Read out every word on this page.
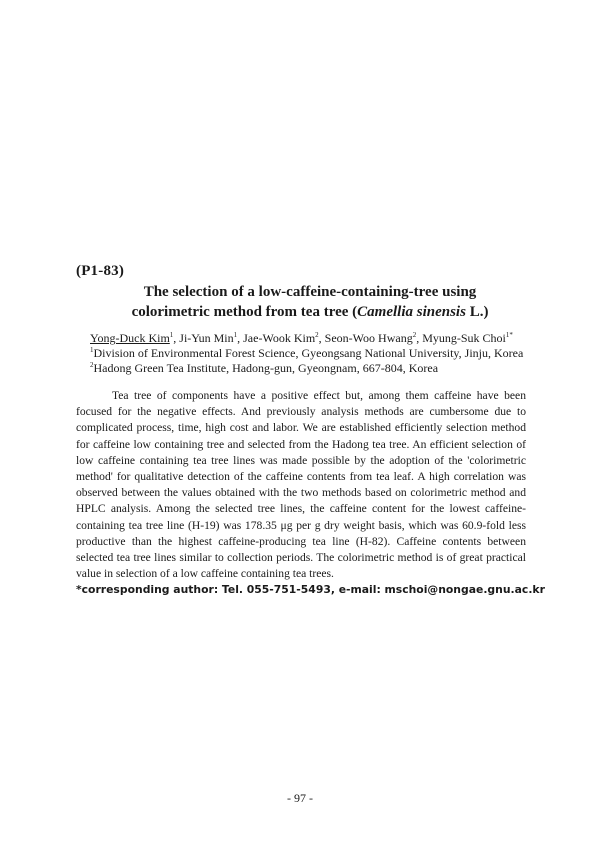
(P1-83)
The selection of a low-caffeine-containing-tree using
colorimetric method from tea tree (Camellia sinensis L.)
Yong-Duck Kim$^1$, Ji-Yun Min$^1$, Jae-Wook Kim$^2$, Seon-Woo Hwang$^2$, Myung-Suk Choi$^{1*}$
$^1$Division of Environmental Forest Science, Gyeongsang National University, Jinju, Korea
$^2$Hadong Green Tea Institute, Hadong-gun, Gyeongnam, 667-804, Korea

Tea tree of components have a positive effect but, among them caffeine have been focused for the negative effects. And previously analysis methods are cumbersome due to complicated process, time, high cost and labor. We are established efficiently selection method for caffeine low containing tree and selected from the Hadong tea tree. An efficient selection of low caffeine containing tea tree lines was made possible by the adoption of the 'colorimetric method' for qualitative detection of the caffeine contents from tea leaf. A high correlation was observed between the values obtained with the two methods based on colorimetric method and HPLC analysis. Among the selected tree lines, the caffeine content for the lowest caffeine-containing tea tree line (H-19) was 178.35 μg per g dry weight basis, which was 60.9-fold less productive than the highest caffeine-producing tea line (H-82). Caffeine contents between selected tea tree lines similar to collection periods. The colorimetric method is of great practical value in selection of a low caffeine containing tea trees.

*corresponding author: Tel. 055-751-5493, e-mail: mschoi@nongae.gnu.ac.kr
- 97 -
